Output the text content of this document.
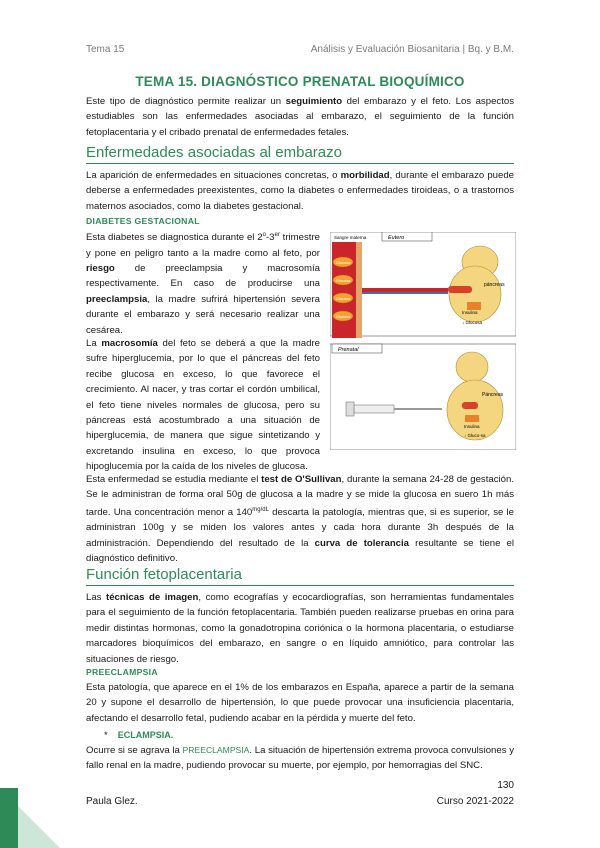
Tema 15	Análisis y Evaluación Biosanitaria | Bq. y B.M.
TEMA 15. DIAGNÓSTICO PRENATAL BIOQUÍMICO

Este tipo de diagnóstico permite realizar un seguimiento del embarazo y el feto. Los aspectos estudiables son las enfermedades asociadas al embarazo, el seguimiento de la función fetoplacentaria y el cribado prenatal de enfermedades fetales.

Enfermedades asociadas al embarazo

La aparición de enfermedades en situaciones concretas, o morbilidad, durante el embarazo puede deberse a enfermedades preexistentes, como la diabetes o enfermedades tiroideas, o a trastornos maternos asociados, como la diabetes gestacional.

DIABETES GESTACIONAL

Esta diabetes se diagnostica durante el 2$^o$-3er trimestre y pone en peligro tanto a la madre como al feto, por riesgo de preeclampsia y macrosomía respectivamente. En caso de producirse una preeclampsia, la madre sufrirá hipertensión severa durante el embarazo y será necesario realizar una cesárea.

La macrosomía del feto se deberá a que la madre sufre hiperglucemia, por lo que el páncreas del feto recibe glucosa en exceso, lo que favorece el crecimiento. Al nacer, y tras cortar el cordón umbilical, el feto tiene niveles normales de glucosa, pero su páncreas está acostumbrado a una situación de hiperglucemia, de manera que sigue sintetizando y excretando insulina en exceso, lo que provoca hipoglucemia por la caída de los niveles de glucosa.

Eutero
Sangre materna
Glucosa
Glucosa
Glucosa
Glucosa
páncreas
Insulina
↓ Glucosa
Prenatal
Páncreas
Insulina
↓ Gluco-sa

Esta enfermedad se estudia mediante el test de O'Sullivan, durante la semana 24-28 de gestación. Se le administran de forma oral 50g de glucosa a la madre y se mide la glucosa en suero 1h más tarde. Una concentración menor a $140^{mg/dL}$ descarta la patología, mientras que, si es superior, se le administran 100g y se miden los valores antes y cada hora durante 3h después de la administración. Dependiendo del resultado de la curva de tolerancia resultante se tiene el diagnóstico definitivo.

Función fetoplacentaria

Las técnicas de imagen, como ecografías y ecocardiografías, son herramientas fundamentales para el seguimiento de la función fetoplacentaria. También pueden realizarse pruebas en orina para medir distintas hormonas, como la gonadotropina coriónica o la hormona placentaria, o estudiarse marcadores bioquímicos del embarazo, en sangre o en líquido amniótico, para controlar las situaciones de riesgo.

PREECLAMPSIA

Esta patología, que aparece en el 1% de los embarazos en España, aparece a partir de la semana 20 y supone el desarrollo de hipertensión, lo que puede provocar una insuficiencia placentaria, afectando el desarrollo fetal, pudiendo acabar en la pérdida y muerte del feto.

* ECLAMPSIA.

Ocurre si se agrava la PREECLAMPSIA. La situación de hipertensión extrema provoca convulsiones y fallo renal en la madre, pudiendo provocar su muerte, por ejemplo, por hemorragias del SNC.

130
Paula Glez.	Curso 2021-2022
